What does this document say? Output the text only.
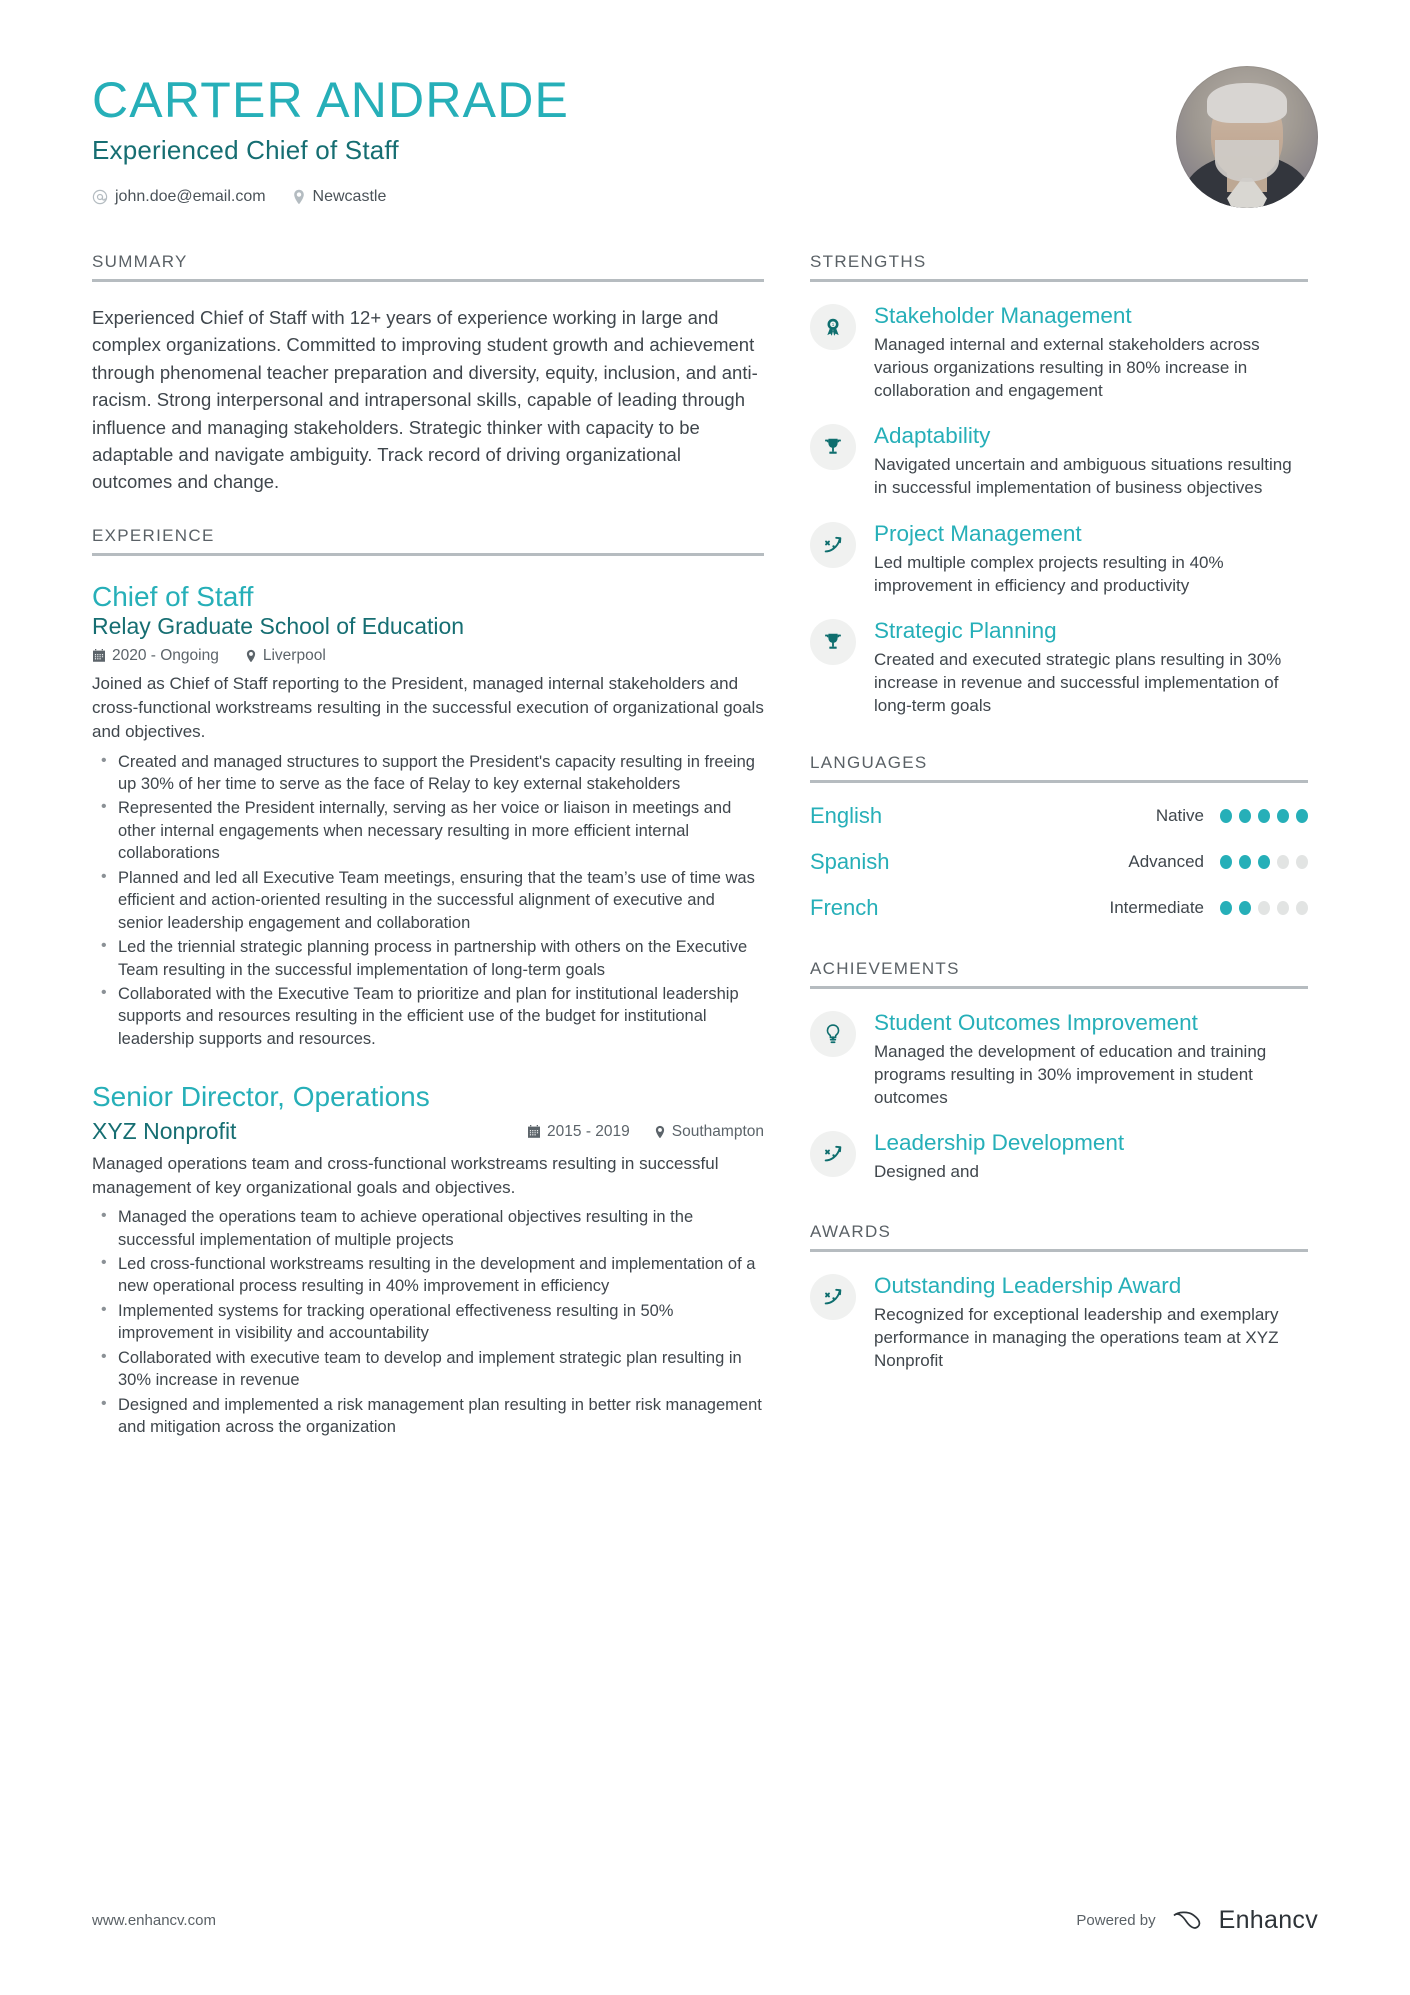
CARTER ANDRADE
Experienced Chief of Staff
john.doe@email.com	Newcastle
SUMMARY
Experienced Chief of Staff with 12+ years of experience working in large and complex organizations. Committed to improving student growth and achievement through phenomenal teacher preparation and diversity, equity, inclusion, and anti-racism. Strong interpersonal and intrapersonal skills, capable of leading through influence and managing stakeholders. Strategic thinker with capacity to be adaptable and navigate ambiguity. Track record of driving organizational outcomes and change.
EXPERIENCE
Chief of Staff
Relay Graduate School of Education
2020 - Ongoing	Liverpool
Joined as Chief of Staff reporting to the President, managed internal stakeholders and cross-functional workstreams resulting in the successful execution of organizational goals and objectives.
• Created and managed structures to support the President's capacity resulting in freeing up 30% of her time to serve as the face of Relay to key external stakeholders
• Represented the President internally, serving as her voice or liaison in meetings and other internal engagements when necessary resulting in more efficient internal collaborations
• Planned and led all Executive Team meetings, ensuring that the team’s use of time was efficient and action-oriented resulting in the successful alignment of executive and senior leadership engagement and collaboration
• Led the triennial strategic planning process in partnership with others on the Executive Team resulting in the successful implementation of long-term goals
• Collaborated with the Executive Team to prioritize and plan for institutional leadership supports and resources resulting in the efficient use of the budget for institutional leadership supports and resources.
Senior Director, Operations
XYZ Nonprofit	2015 - 2019	Southampton
Managed operations team and cross-functional workstreams resulting in successful management of key organizational goals and objectives.
• Managed the operations team to achieve operational objectives resulting in the successful implementation of multiple projects
• Led cross-functional workstreams resulting in the development and implementation of a new operational process resulting in 40% improvement in efficiency
• Implemented systems for tracking operational effectiveness resulting in 50% improvement in visibility and accountability
• Collaborated with executive team to develop and implement strategic plan resulting in 30% increase in revenue
• Designed and implemented a risk management plan resulting in better risk management and mitigation across the organization
STRENGTHS
1 Stakeholder Management
Managed internal and external stakeholders across various organizations resulting in 80% increase in collaboration and engagement
Adaptability
Navigated uncertain and ambiguous situations resulting in successful implementation of business objectives
Project Management
Led multiple complex projects resulting in 40% improvement in efficiency and productivity
Strategic Planning
Created and executed strategic plans resulting in 30% increase in revenue and successful implementation of long-term goals
LANGUAGES
English	Native
Spanish	Advanced
French	Intermediate
ACHIEVEMENTS
Student Outcomes Improvement
Managed the development of education and training programs resulting in 30% improvement in student outcomes
Leadership Development
Designed and
AWARDS
Outstanding Leadership Award
Recognized for exceptional leadership and exemplary performance in managing the operations team at XYZ Nonprofit
www.enhancv.com	Powered by	Enhancv
